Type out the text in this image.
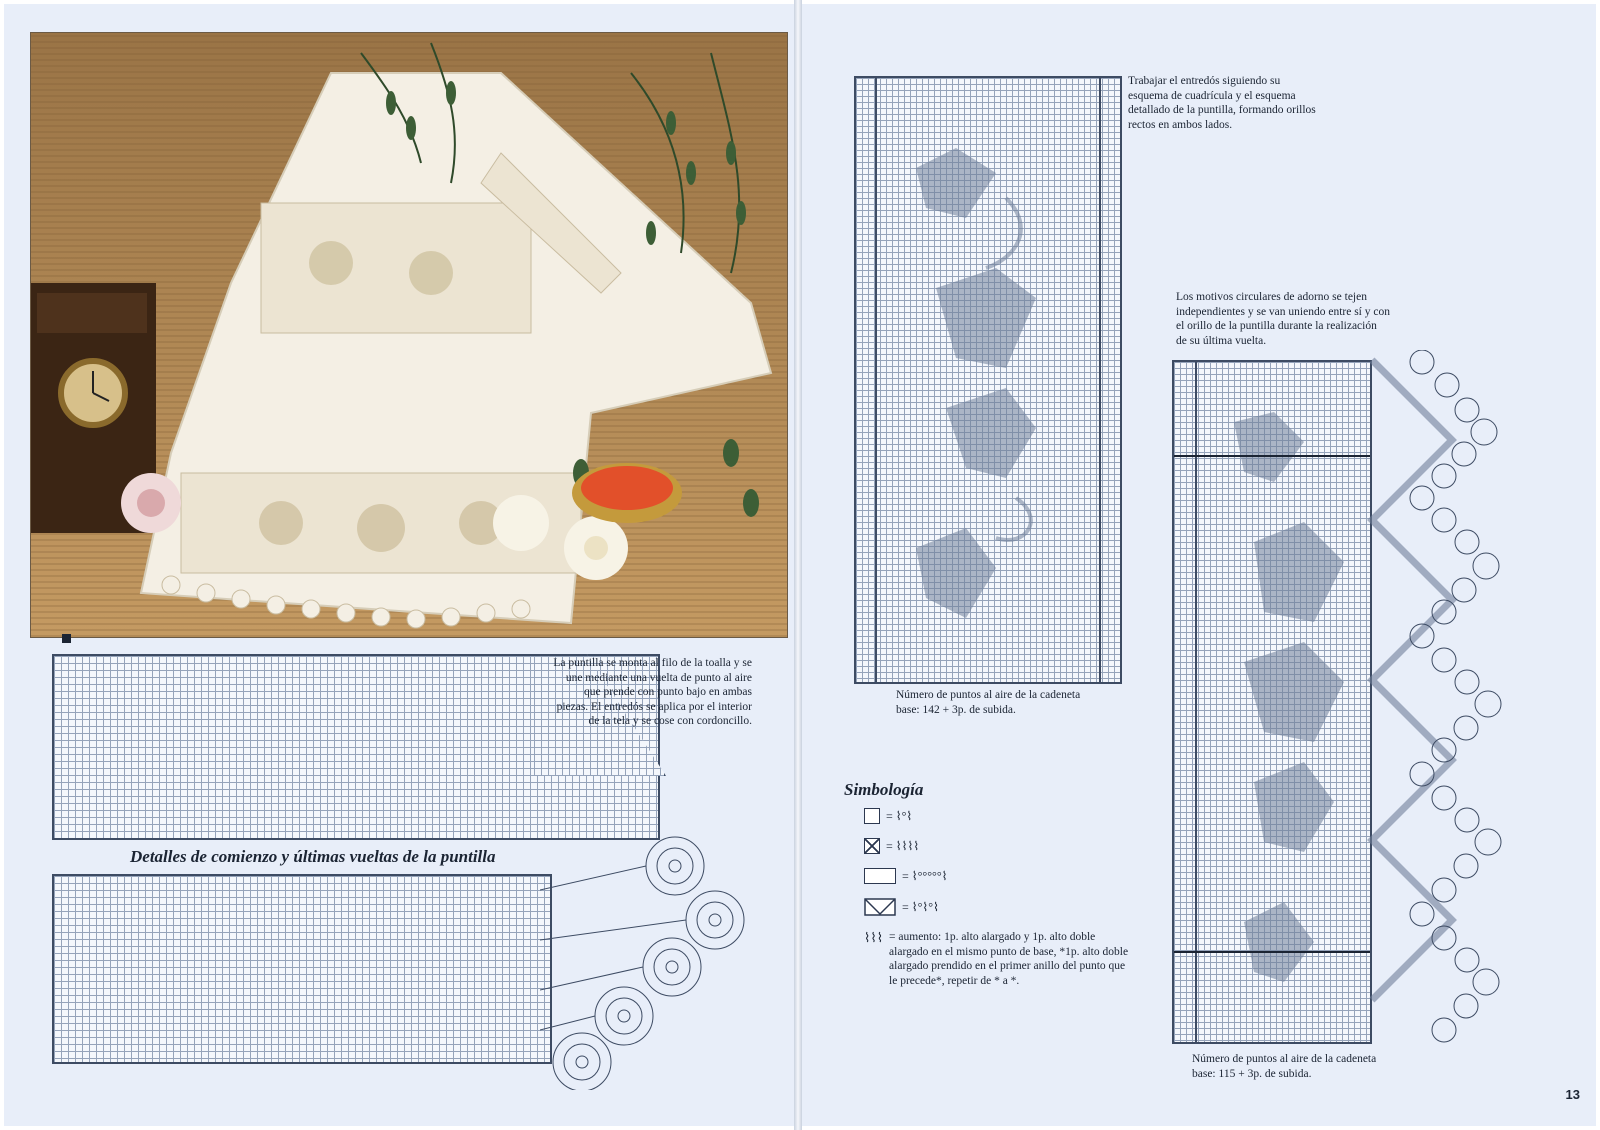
La puntilla se monta al filo de la toalla y se une mediante una vuelta de punto al aire que prende con punto bajo en ambas piezas. El entredós se aplica por el interior de la tela y se cose con cordoncillo.
Detalles de comienzo y últimas vueltas de la puntilla
Trabajar el entredós siguiendo su esquema de cuadrícula y el esquema detallado de la puntilla, formando orillos rectos en ambos lados.
Número de puntos al aire de la cadeneta base: 142 + 3p. de subida.
Simbología
= ⌇°⌇
= ⌇⌇⌇⌇
= ⌇°°°°°⌇
= ⌇°⌇°⌇
⌇⌇⌇ = aumento: 1p. alto alargado y 1p. alto doble alargado en el mismo punto de base, *1p. alto doble alargado prendido en el primer anillo del punto que le precede*, repetir de * a *.
Los motivos circulares de adorno se tejen independientes y se van uniendo entre sí y con el orillo de la puntilla durante la realización de su última vuelta.
Número de puntos al aire de la cadeneta base: 115 + 3p. de subida.
13
